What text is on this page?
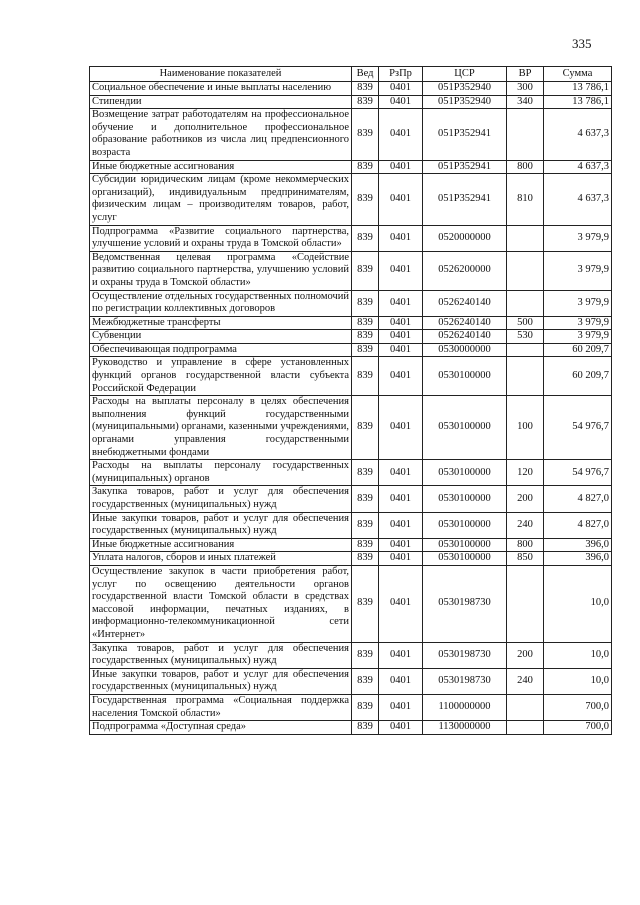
335
Наименование показателей	Вед	РзПр	ЦСР	ВР	Сумма
Социальное обеспечение и иные выплаты населению	839	0401	051P352940	300	13 786,1
Стипендии	839	0401	051P352940	340	13 786,1
Возмещение затрат работодателям на профессиональное обучение и дополнительное профессиональное образование работников из числа лиц предпенсионного возраста	839	0401	051P352941		4 637,3
Иные бюджетные ассигнования	839	0401	051P352941	800	4 637,3
Субсидии юридическим лицам (кроме некоммерческих организаций), индивидуальным предпринимателям, физическим лицам – производителям товаров, работ, услуг	839	0401	051P352941	810	4 637,3
Подпрограмма «Развитие социального партнерства, улучшение условий и охраны труда в Томской области»	839	0401	0520000000		3 979,9
Ведомственная целевая программа «Содействие развитию социального партнерства, улучшению условий и охраны труда в Томской области»	839	0401	0526200000		3 979,9
Осуществление отдельных государственных полномочий по регистрации коллективных договоров	839	0401	0526240140		3 979,9
Межбюджетные трансферты	839	0401	0526240140	500	3 979,9
Субвенции	839	0401	0526240140	530	3 979,9
Обеспечивающая подпрограмма	839	0401	0530000000		60 209,7
Руководство и управление в сфере установленных функций органов государственной власти субъекта Российской Федерации	839	0401	0530100000		60 209,7
Расходы на выплаты персоналу в целях обеспечения выполнения функций государственными (муниципальными) органами, казенными учреждениями, органами управления государственными внебюджетными фондами	839	0401	0530100000	100	54 976,7
Расходы на выплаты персоналу государственных (муниципальных) органов	839	0401	0530100000	120	54 976,7
Закупка товаров, работ и услуг для обеспечения государственных (муниципальных) нужд	839	0401	0530100000	200	4 827,0
Иные закупки товаров, работ и услуг для обеспечения государственных (муниципальных) нужд	839	0401	0530100000	240	4 827,0
Иные бюджетные ассигнования	839	0401	0530100000	800	396,0
Уплата налогов, сборов и иных платежей	839	0401	0530100000	850	396,0
Осуществление закупок в части приобретения работ, услуг по освещению деятельности органов государственной власти Томской области в средствах массовой информации, печатных изданиях, в информационно-телекоммуникационной сети «Интернет»	839	0401	0530198730		10,0
Закупка товаров, работ и услуг для обеспечения государственных (муниципальных) нужд	839	0401	0530198730	200	10,0
Иные закупки товаров, работ и услуг для обеспечения государственных (муниципальных) нужд	839	0401	0530198730	240	10,0
Государственная программа «Социальная поддержка населения Томской области»	839	0401	1100000000		700,0
Подпрограмма «Доступная среда»	839	0401	1130000000		700,0
